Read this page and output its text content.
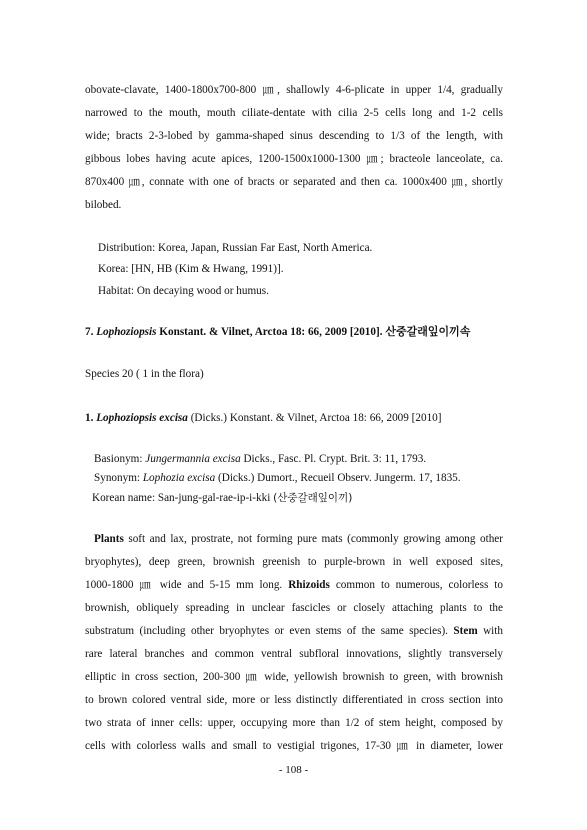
obovate-clavate, 1400-1800x700-800 ㎛, shallowly 4-6-plicate in upper 1/4, gradually
narrowed to the mouth, mouth ciliate-dentate with cilia 2-5 cells long and 1-2 cells
wide; bracts 2-3-lobed by gamma-shaped sinus descending to 1/3 of the length, with
gibbous lobes having acute apices, 1200-1500x1000-1300 ㎛; bracteole lanceolate, ca.
870x400 ㎛, connate with one of bracts or separated and then ca. 1000x400 ㎛, shortly
bilobed.
Distribution: Korea, Japan, Russian Far East, North America.
Korea: [HN, HB (Kim & Hwang, 1991)].
Habitat: On decaying wood or humus.
7. Lophoziopsis Konstant. & Vilnet, Arctoa 18: 66, 2009 [2010]. 산중갈래잎이끼속
Species 20 ( 1 in the flora)
1. Lophoziopsis excisa (Dicks.) Konstant. & Vilnet, Arctoa 18: 66, 2009 [2010]
Basionym: Jungermannia excisa Dicks., Fasc. Pl. Crypt. Brit. 3: 11, 1793.
Synonym: Lophozia excisa (Dicks.) Dumort., Recueil Observ. Jungerm. 17, 1835.
Korean name: San-jung-gal-rae-ip-i-kki (산중갈래잎이끼)
Plants soft and lax, prostrate, not forming pure mats (commonly growing among other
bryophytes), deep green, brownish greenish to purple-brown in well exposed sites,
1000-1800 ㎛ wide and 5-15 mm long. Rhizoids common to numerous, colorless to
brownish, obliquely spreading in unclear fascicles or closely attaching plants to the
substratum (including other bryophytes or even stems of the same species). Stem with
rare lateral branches and common ventral subfloral innovations, slightly transversely
elliptic in cross section, 200-300 ㎛ wide, yellowish brownish to green, with brownish
to brown colored ventral side, more or less distinctly differentiated in cross section into
two strata of inner cells: upper, occupying more than 1/2 of stem height, composed by
cells with colorless walls and small to vestigial trigones, 17-30 ㎛ in diameter, lower
- 108 -
